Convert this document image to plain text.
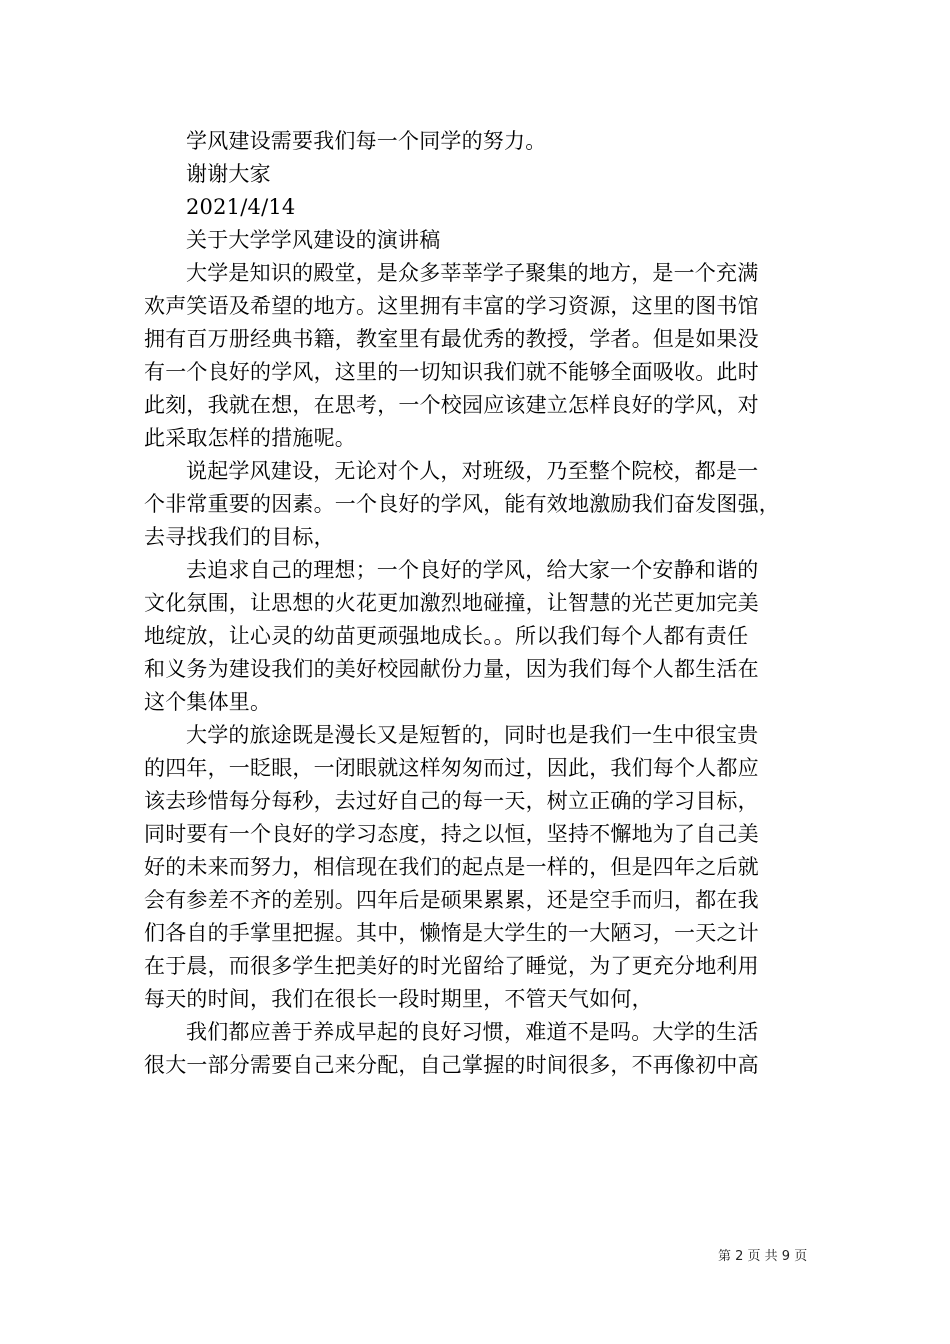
学风建设需要我们每一个同学的努力。
谢谢大家
2021/4/14
关于大学学风建设的演讲稿
大学是知识的殿堂，是众多莘莘学子聚集的地方，是一个充满
欢声笑语及希望的地方。这里拥有丰富的学习资源，这里的图书馆
拥有百万册经典书籍，教室里有最优秀的教授，学者。但是如果没
有一个良好的学风，这里的一切知识我们就不能够全面吸收。此时
此刻，我就在想，在思考，一个校园应该建立怎样良好的学风，对
此采取怎样的措施呢。
说起学风建设，无论对个人，对班级，乃至整个院校，都是一
个非常重要的因素。一个良好的学风，能有效地激励我们奋发图强，
去寻找我们的目标，
去追求自己的理想；一个良好的学风，给大家一个安静和谐的
文化氛围，让思想的火花更加激烈地碰撞，让智慧的光芒更加完美
地绽放，让心灵的幼苗更顽强地成长。。所以我们每个人都有责任
和义务为建设我们的美好校园献份力量，因为我们每个人都生活在
这个集体里。
大学的旅途既是漫长又是短暂的，同时也是我们一生中很宝贵
的四年，一眨眼，一闭眼就这样匆匆而过，因此，我们每个人都应
该去珍惜每分每秒，去过好自己的每一天，树立正确的学习目标，
同时要有一个良好的学习态度，持之以恒，坚持不懈地为了自己美
好的未来而努力，相信现在我们的起点是一样的，但是四年之后就
会有参差不齐的差别。四年后是硕果累累，还是空手而归，都在我
们各自的手掌里把握。其中，懒惰是大学生的一大陋习，一天之计
在于晨，而很多学生把美好的时光留给了睡觉，为了更充分地利用
每天的时间，我们在很长一段时期里，不管天气如何，
我们都应善于养成早起的良好习惯，难道不是吗。大学的生活
很大一部分需要自己来分配，自己掌握的时间很多，不再像初中高
第 2 页 共 9 页
